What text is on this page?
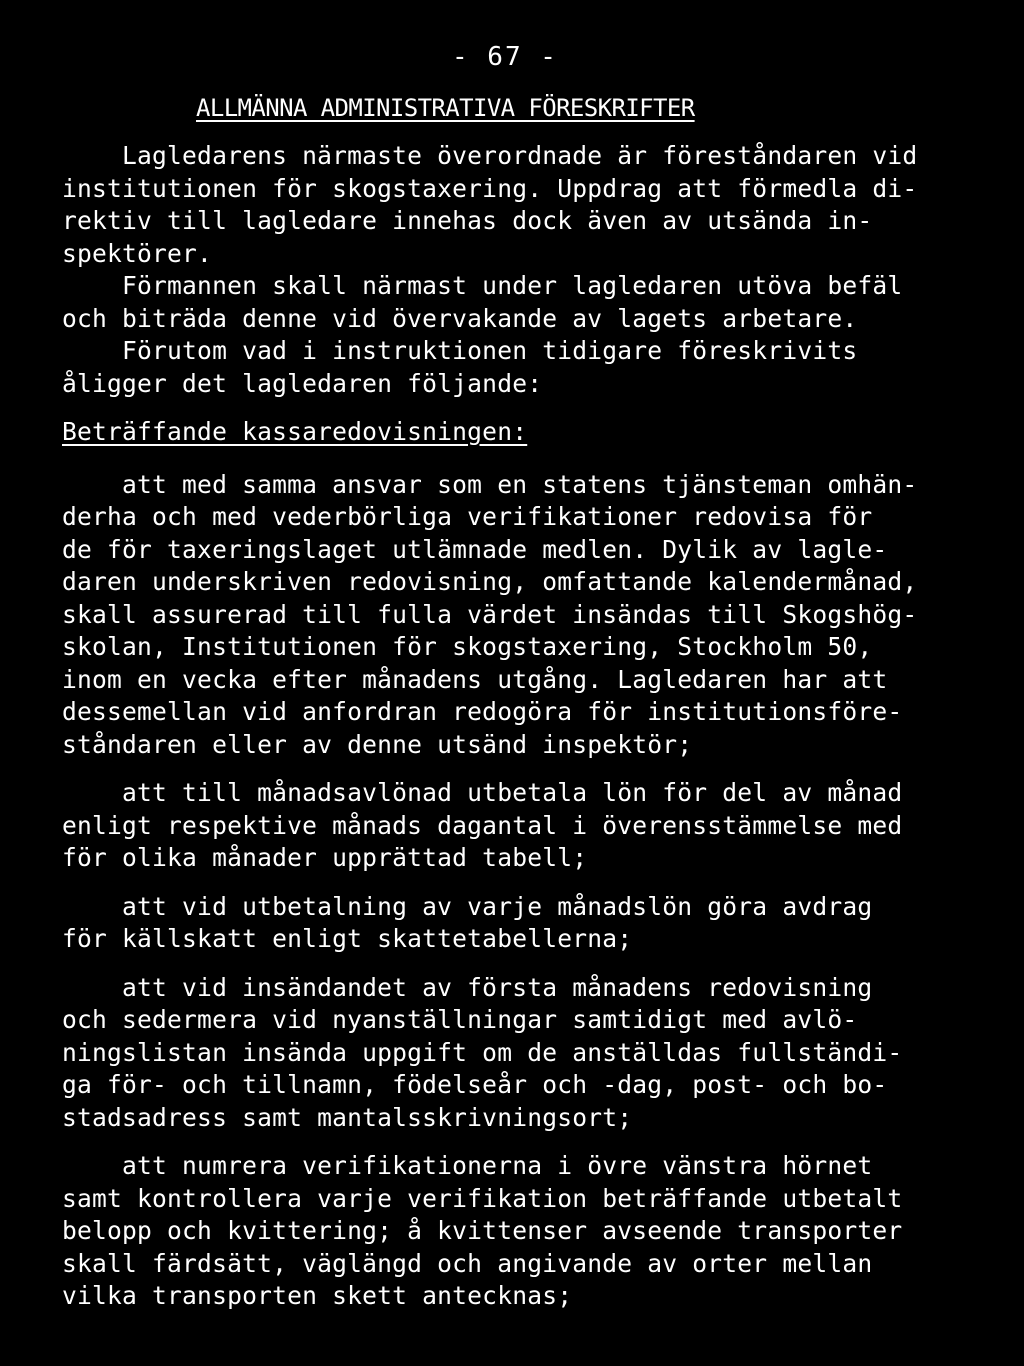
- 67 -
ALLMÄNNA ADMINISTRATIVA FÖRESKRIFTER
Lagledarens närmaste överordnade är föreståndaren vid
institutionen för skogstaxering. Uppdrag att förmedla di-
rektiv till lagledare innehas dock även av utsända in-
spektörer.
Förmannen skall närmast under lagledaren utöva befäl
och biträda denne vid övervakande av lagets arbetare.
Förutom vad i instruktionen tidigare föreskrivits
åligger det lagledaren följande:
Beträffande kassaredovisningen:
att med samma ansvar som en statens tjänsteman omhän-
derha och med vederbörliga verifikationer redovisa för
de för taxeringslaget utlämnade medlen. Dylik av lagle-
daren underskriven redovisning, omfattande kalendermånad,
skall assurerad till fulla värdet insändas till Skogshög-
skolan, Institutionen för skogstaxering, Stockholm 50,
inom en vecka efter månadens utgång. Lagledaren har att
dessemellan vid anfordran redogöra för institutionsföre-
ståndaren eller av denne utsänd inspektör;
att till månadsavlönad utbetala lön för del av månad
enligt respektive månads dagantal i överensstämmelse med
för olika månader upprättad tabell;
att vid utbetalning av varje månadslön göra avdrag
för källskatt enligt skattetabellerna;
att vid insändandet av första månadens redovisning
och sedermera vid nyanställningar samtidigt med avlö-
ningslistan insända uppgift om de anställdas fullständi-
ga för- och tillnamn, födelseår och -dag, post- och bo-
stadsadress samt mantalsskrivningsort;
att numrera verifikationerna i övre vänstra hörnet
samt kontrollera varje verifikation beträffande utbetalt
belopp och kvittering; å kvittenser avseende transporter
skall färdsätt, väglängd och angivande av orter mellan
vilka transporten skett antecknas;
